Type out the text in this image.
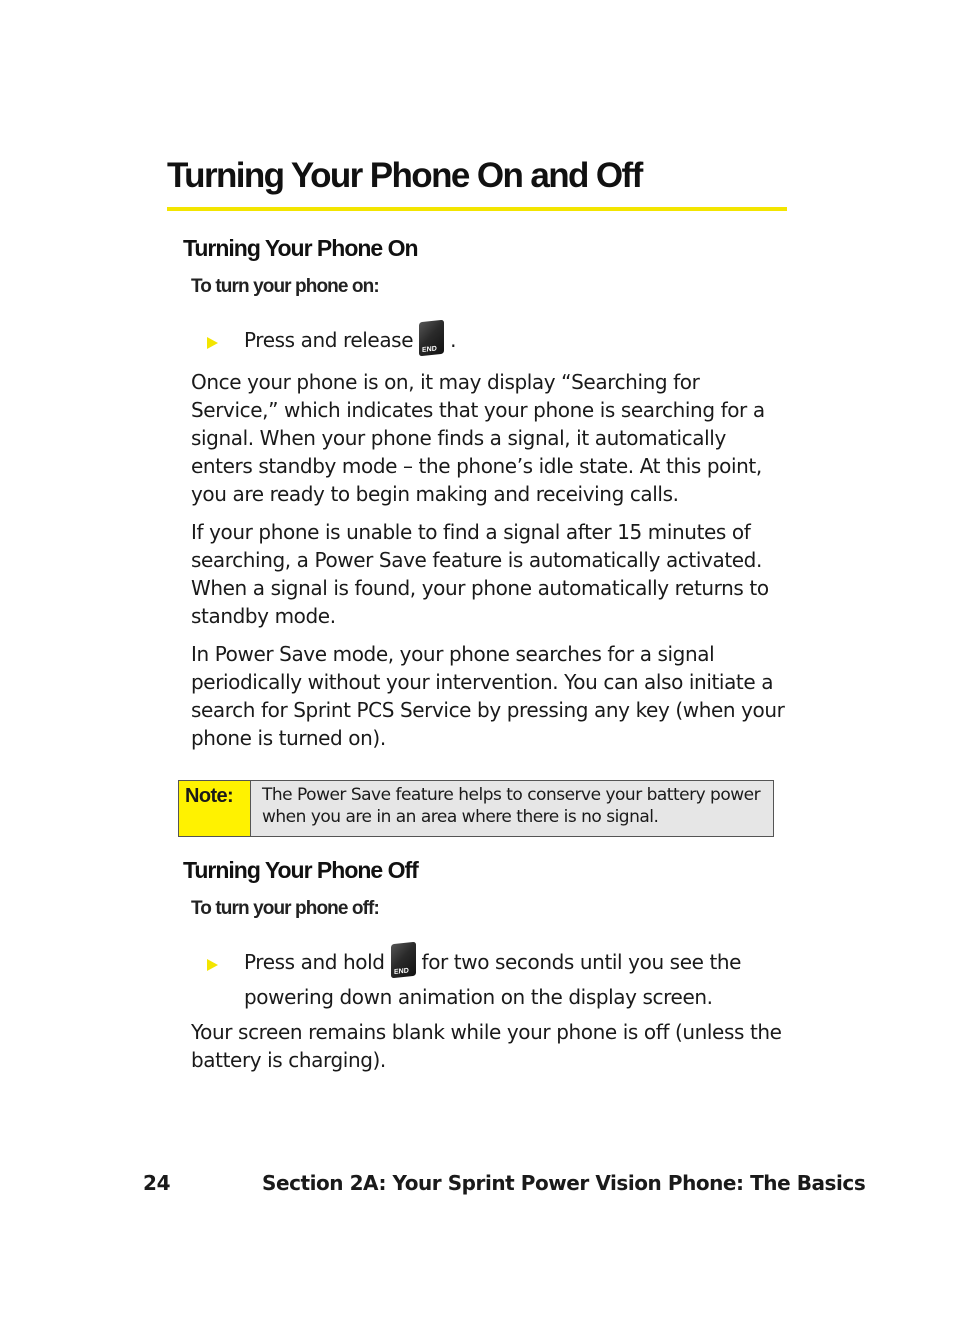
Turning Your Phone On and Off
Turning Your Phone On
To turn your phone on:

Press and release END .

Once your phone is on, it may display “Searching for Service,” which indicates that your phone is searching for a signal. When your phone finds a signal, it automatically enters standby mode – the phone’s idle state. At this point, you are ready to begin making and receiving calls.

If your phone is unable to find a signal after 15 minutes of searching, a Power Save feature is automatically activated. When a signal is found, your phone automatically returns to standby mode.

In Power Save mode, your phone searches for a signal periodically without your intervention. You can also initiate a search for Sprint PCS Service by pressing any key (when your phone is turned on).

Note:	The Power Save feature helps to conserve your battery power when you are in an area where there is no signal.
Turning Your Phone Off
To turn your phone off:

Press and hold END for two seconds until you see the powering down animation on the display screen.

Your screen remains blank while your phone is off (unless the battery is charging).

24	Section 2A: Your Sprint Power Vision Phone: The Basics
